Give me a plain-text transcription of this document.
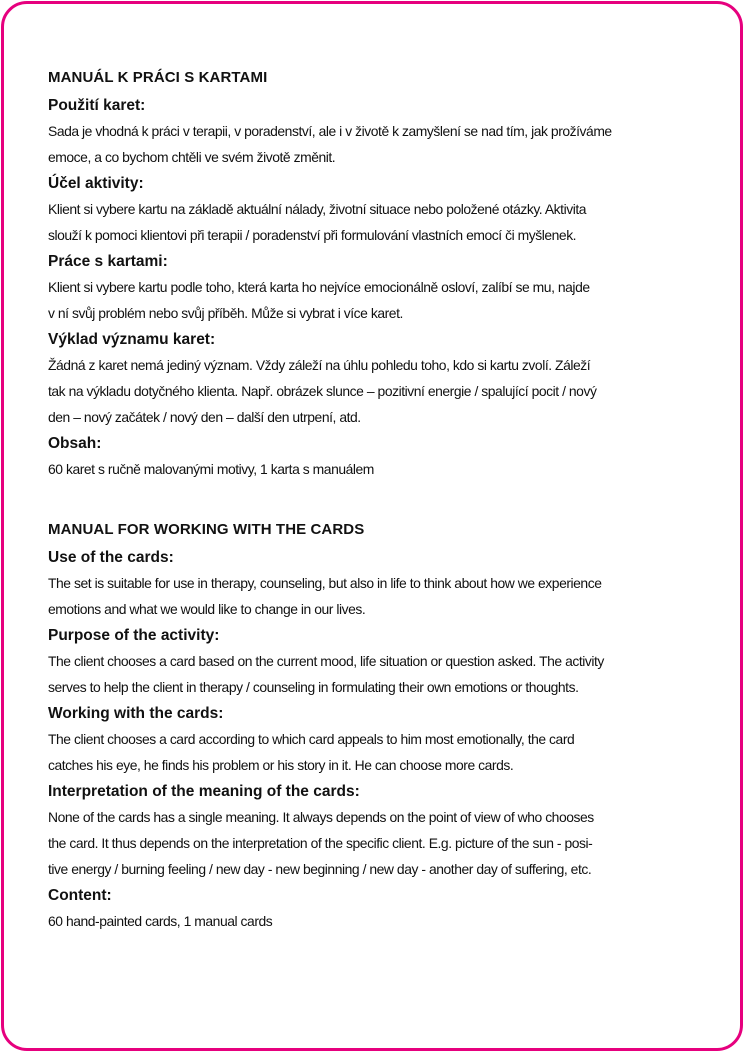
MANUÁL K PRÁCI S KARTAMI
Použití karet:
Sada je vhodná k práci v terapii, v poradenství, ale i v životě k zamyšlení se nad tím, jak prožíváme
emoce, a co bychom chtěli ve svém životě změnit.
Účel aktivity:
Klient si vybere kartu na základě aktuální nálady, životní situace nebo položené otázky. Aktivita
slouží k pomoci klientovi při terapii / poradenství při formulování vlastních emocí či myšlenek.
Práce s kartami:
Klient si vybere kartu podle toho, která karta ho nejvíce emocionálně osloví, zalíbí se mu, najde
v ní svůj problém nebo svůj příběh. Může si vybrat i více karet.
Výklad významu karet:
Žádná z karet nemá jediný význam. Vždy záleží na úhlu pohledu toho, kdo si kartu zvolí. Záleží
tak na výkladu dotyčného klienta. Např. obrázek slunce – pozitivní energie / spalující pocit / nový
den – nový začátek / nový den – další den utrpení, atd.
Obsah:
60 karet s ručně malovanými motivy, 1 karta s manuálem
MANUAL FOR WORKING WITH THE CARDS
Use of the cards:
The set is suitable for use in therapy, counseling, but also in life to think about how we experience
emotions and what we would like to change in our lives.
Purpose of the activity:
The client chooses a card based on the current mood, life situation or question asked. The activity
serves to help the client in therapy / counseling in formulating their own emotions or thoughts.
Working with the cards:
The client chooses a card according to which card appeals to him most emotionally, the card
catches his eye, he finds his problem or his story in it. He can choose more cards.
Interpretation of the meaning of the cards:
None of the cards has a single meaning. It always depends on the point of view of who chooses
the card. It thus depends on the interpretation of the specific client. E.g. picture of the sun - posi-
tive energy / burning feeling / new day - new beginning / new day - another day of suffering, etc.
Content:
60 hand-painted cards, 1 manual cards
